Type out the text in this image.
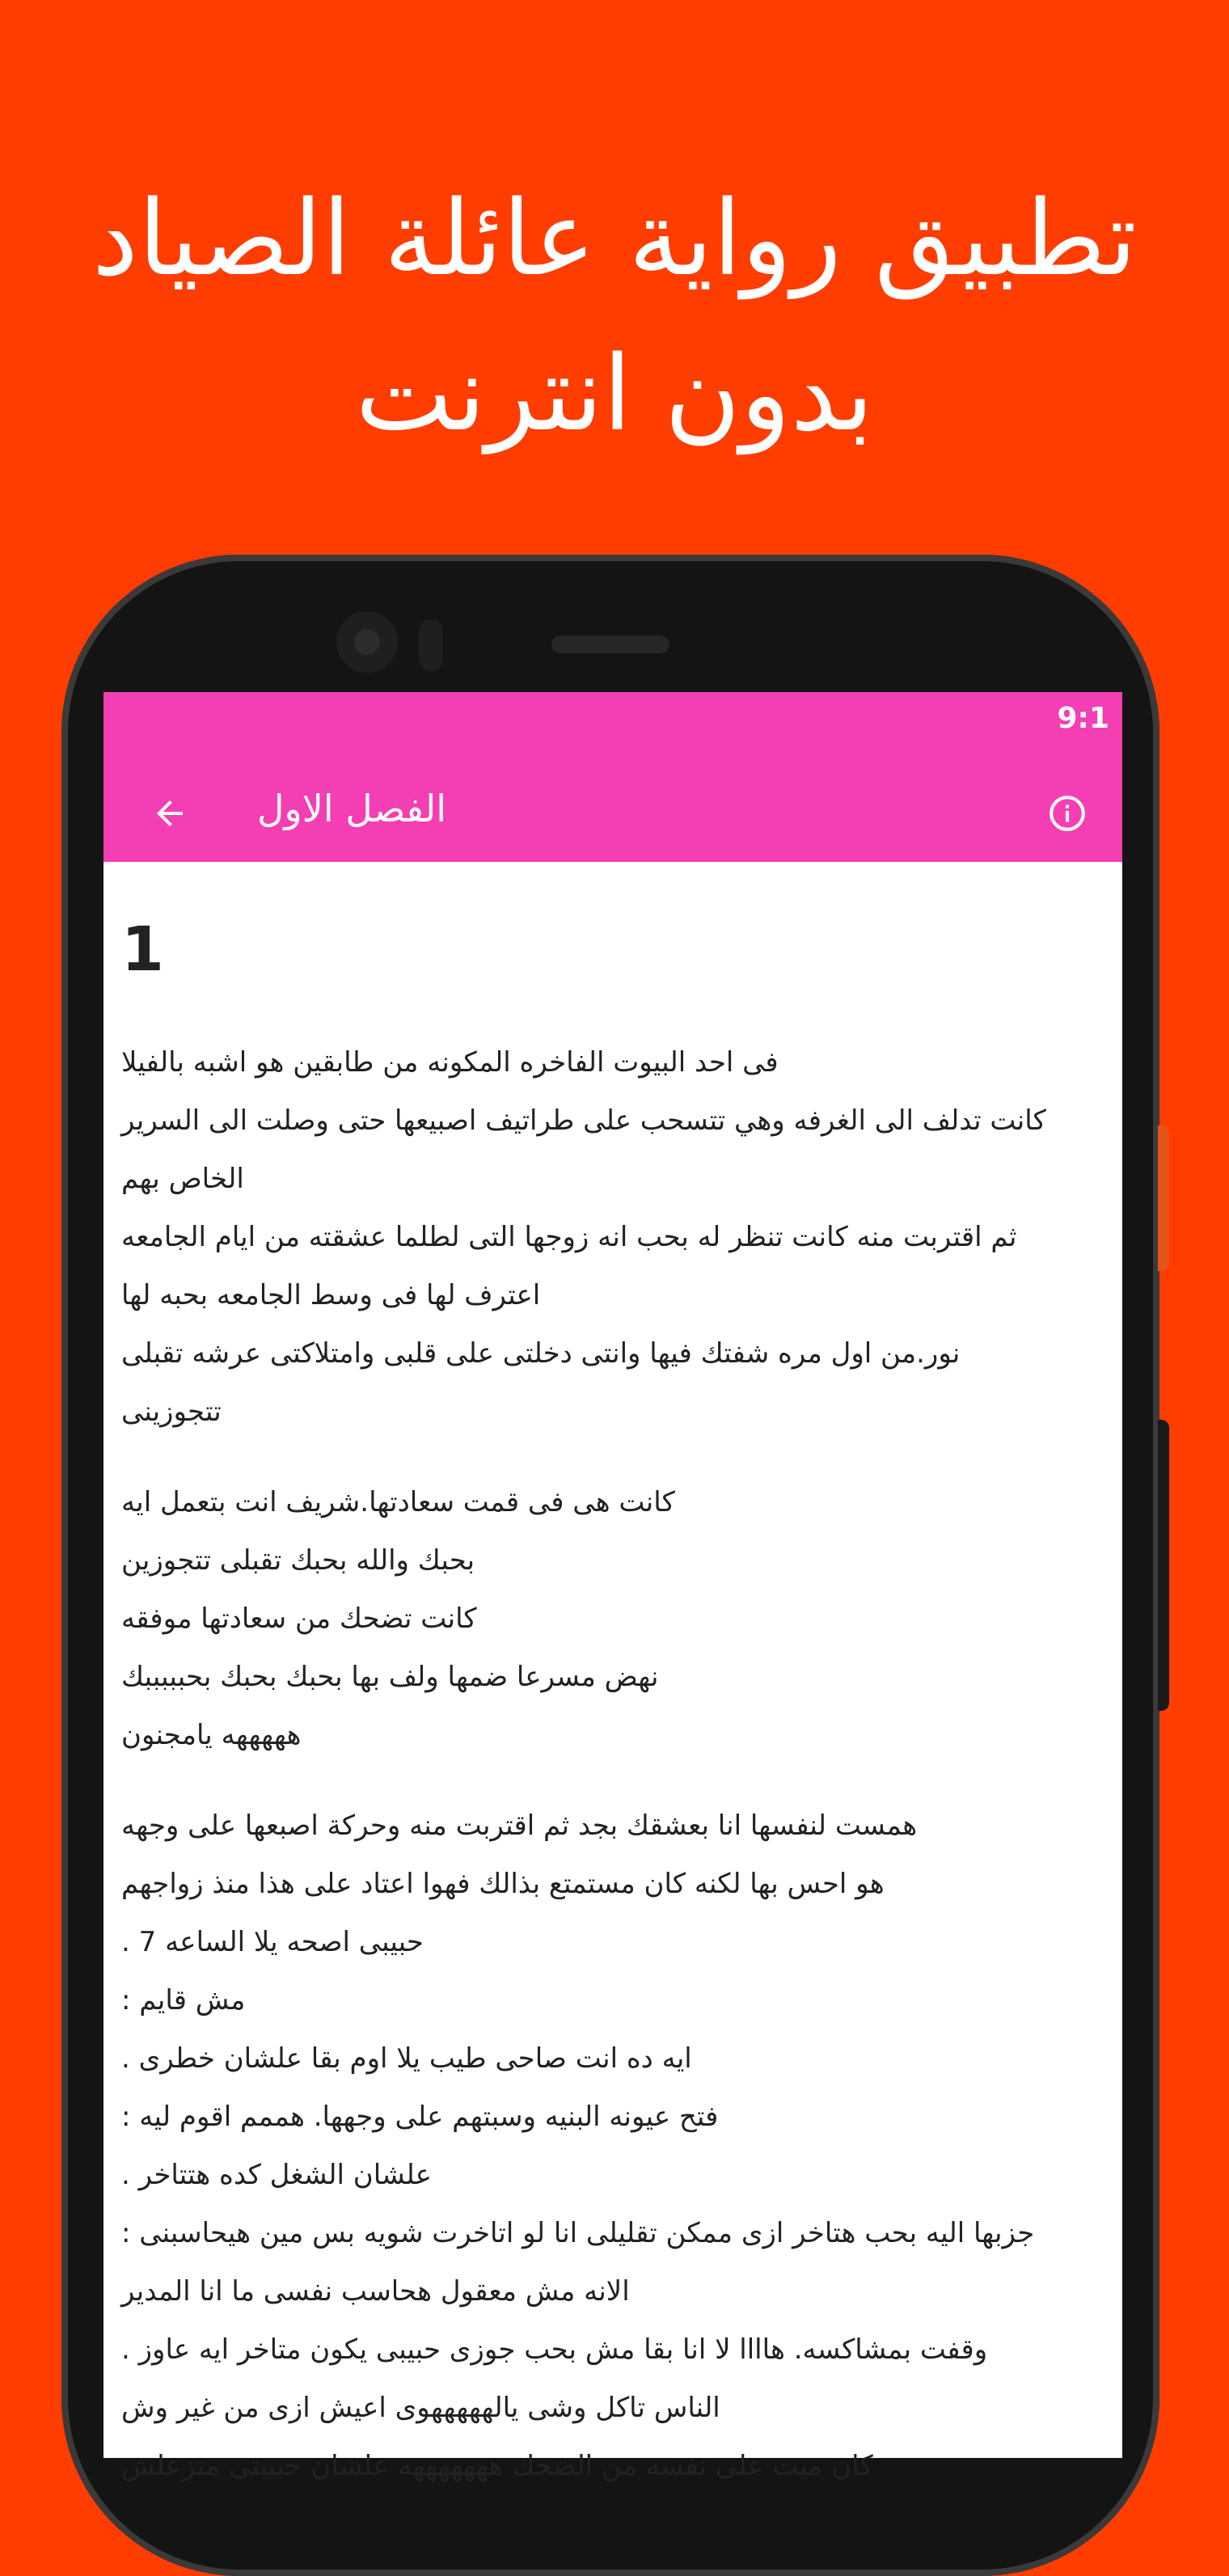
تطبيق رواية عائلة الصياد
بدون انترنت
9:1
الفصل الاول
1
فى احد البيوت الفاخره المكونه من طابقين هو اشبه بالفيلا
كانت تدلف الى الغرفه وهي تتسحب على طراتيف اصبيعها حتى وصلت الى السرير
الخاص بهم
ثم اقتربت منه كانت تنظر له بحب انه زوجها التى لطلما عشقته من ايام الجامعه
اعترف لها فى وسط الجامعه بحبه لها
نور.من اول مره شفتك فيها وانتى دخلتى على قلبى وامتلاكتى عرشه تقبلى
تتجوزينى
كانت هى فى قمت سعادتها.شريف انت بتعمل ايه
بحبك والله بحبك تقبلى تتجوزين
كانت تضحك من سعادتها موفقه
نهض مسرعا ضمها ولف بها بحبك بحبك بحبببببك
هههههه يامجنون
همست لنفسها انا بعشقك بجد ثم اقتربت منه وحركة اصبعها على وجهه
هو احس بها لكنه كان مستمتع بذالك فهوا اعتاد على هذا منذ زواجهم
حبيبى اصحه يلا الساعه 7 .
مش قايم :
ايه ده انت صاحى طيب يلا اوم بقا علشان خطرى .
فتح عيونه البنيه وسبتهم على وجهها. هممم اقوم ليه :
علشان الشغل كده هتتاخر .
جزبها اليه بحب هتاخر ازى ممكن تقليلى انا لو اتاخرت شويه بس مين هيحاسبنى :
الانه مش معقول هحاسب نفسى ما انا المدير
وقفت بمشاكسه. هاااا لا انا بقا مش بحب جوزى حبيبى يكون متاخر ايه عاوز .
الناس تاكل وشى يالهههههوى اعيش ازى من غير وش
كان ميت على نفسه من الضحك هههههههه علشان حبيبتى متزعلش
